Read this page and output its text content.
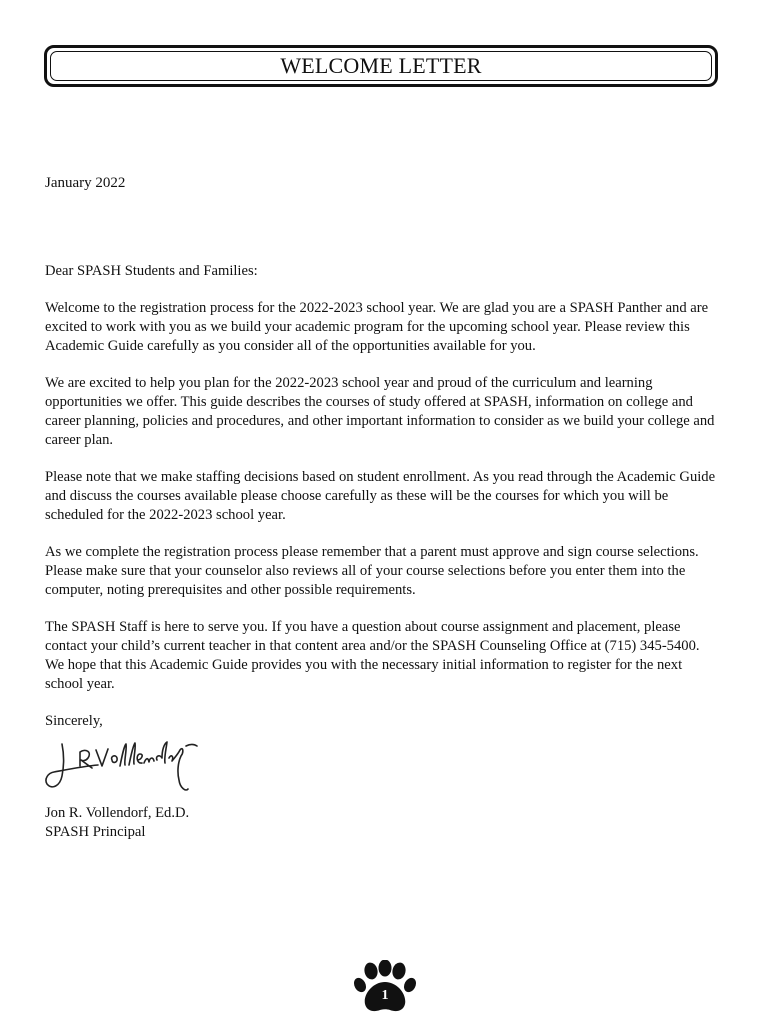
WELCOME LETTER
January 2022

Dear SPASH Students and Families:

Welcome to the registration process for the 2022-2023 school year. We are glad you are a SPASH Panther and are excited to work with you as we build your academic program for the upcoming school year. Please review this Academic Guide carefully as you consider all of the opportunities available for you.

We are excited to help you plan for the 2022-2023 school year and proud of the curriculum and learning opportunities we offer. This guide describes the courses of study offered at SPASH, information on college and career planning, policies and procedures, and other important information to consider as we build your college and career plan.

Please note that we make staffing decisions based on student enrollment. As you read through the Academic Guide and discuss the courses available please choose carefully as these will be the courses for which you will be scheduled for the 2022-2023 school year.

As we complete the registration process please remember that a parent must approve and sign course selections. Please make sure that your counselor also reviews all of your course selections before you enter them into the computer, noting prerequisites and other possible requirements.

The SPASH Staff is here to serve you. If you have a question about course assignment and placement, please contact your child’s current teacher in that content area and/or the SPASH Counseling Office at (715) 345-5400. We hope that this Academic Guide provides you with the necessary initial information to register for the next school year.

Sincerely,

Jon R. Vollendorf, Ed.D.
SPASH Principal
1
